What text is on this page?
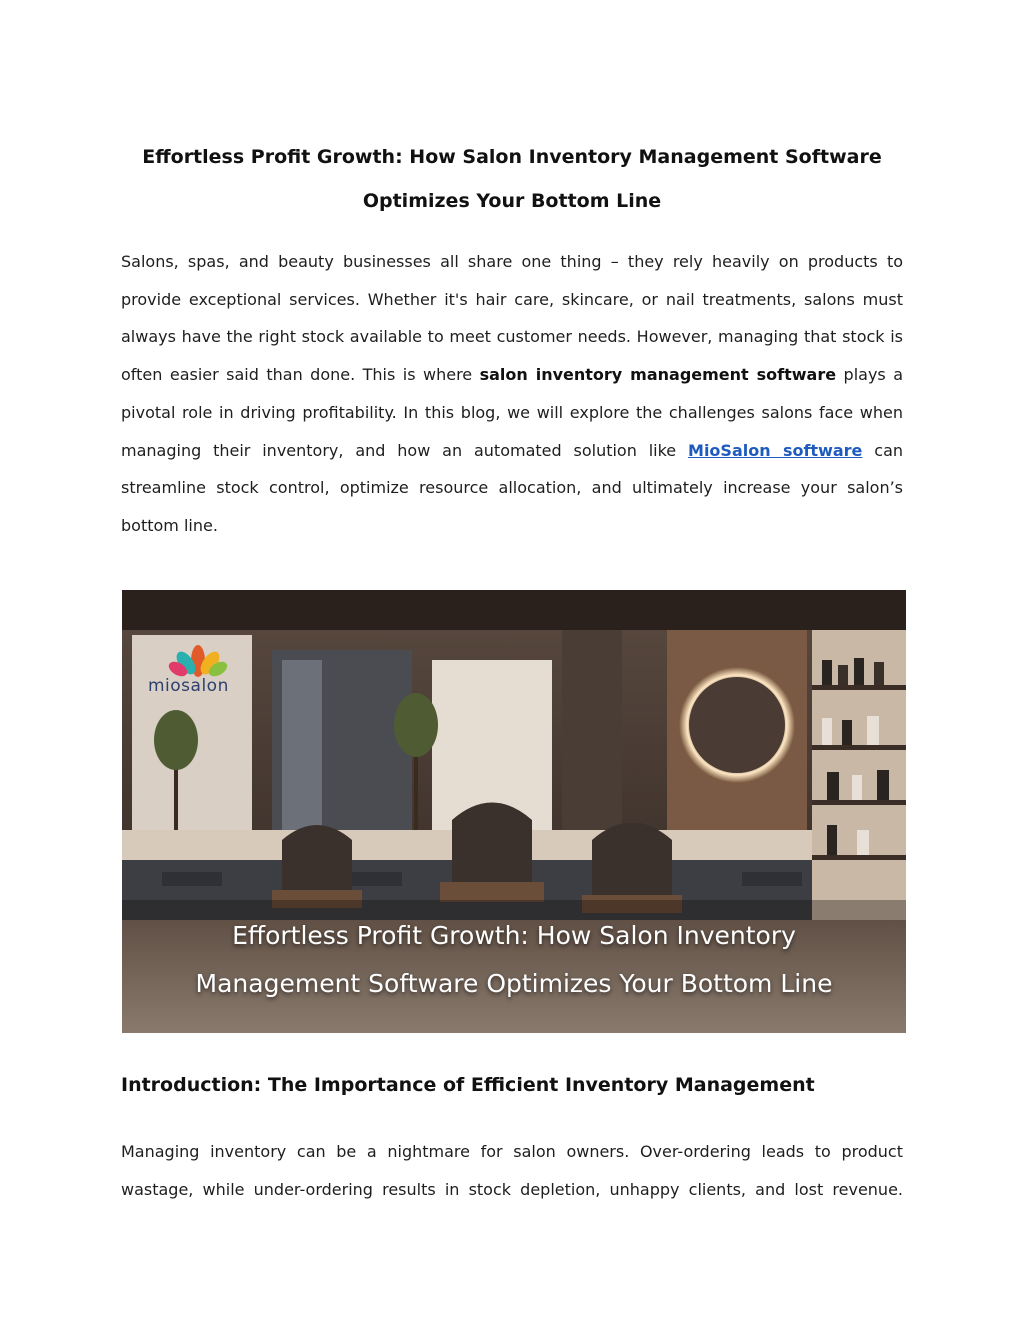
Effortless Profit Growth: How Salon Inventory Management Software
Optimizes Your Bottom Line

Salons, spas, and beauty businesses all share one thing – they rely heavily on products to provide exceptional services. Whether it's hair care, skincare, or nail treatments, salons must always have the right stock available to meet customer needs. However, managing that stock is often easier said than done. This is where salon inventory management software plays a pivotal role in driving profitability. In this blog, we will explore the challenges salons face when managing their inventory, and how an automated solution like MioSalon software can streamline stock control, optimize resource allocation, and ultimately increase your salon’s bottom line.

miosalon
Effortless Profit Growth: How Salon Inventory
Management Software Optimizes Your Bottom Line
Introduction: The Importance of Efficient Inventory Management

Managing inventory can be a nightmare for salon owners. Over-ordering leads to product wastage, while under-ordering results in stock depletion, unhappy clients, and lost revenue.
